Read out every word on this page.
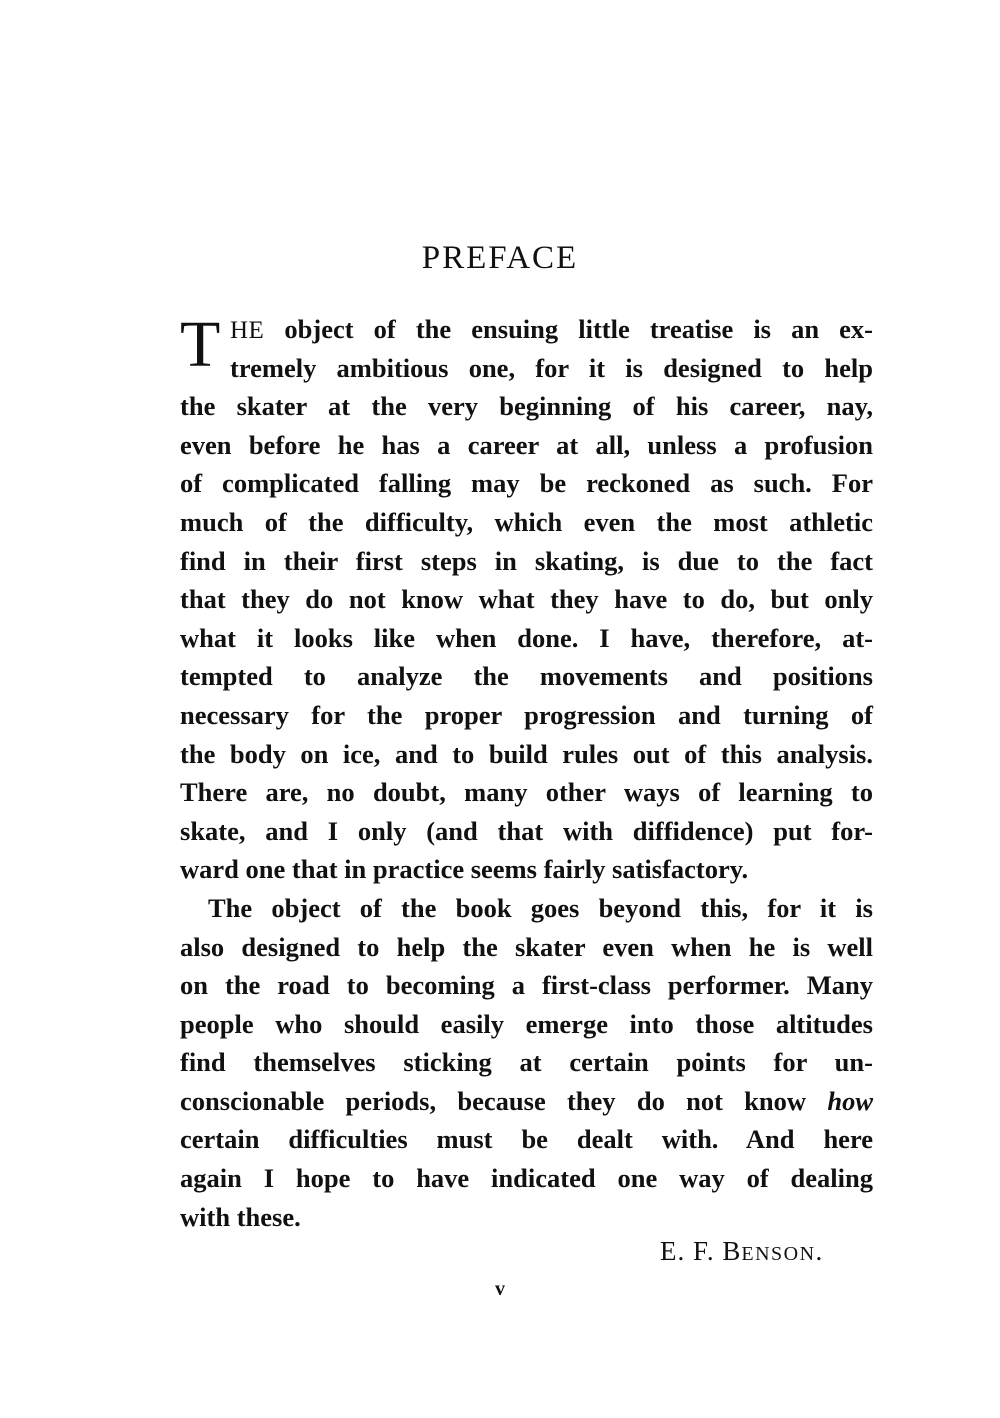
PREFACE
T HE object of the ensuing little treatise is an ex-
tremely ambitious one, for it is designed to help
the skater at the very beginning of his career, nay,
even before he has a career at all, unless a profusion
of complicated falling may be reckoned as such. For
much of the difficulty, which even the most athletic
find in their first steps in skating, is due to the fact
that they do not know what they have to do, but only
what it looks like when done. I have, therefore, at-
tempted to analyze the movements and positions
necessary for the proper progression and turning of
the body on ice, and to build rules out of this analysis.
There are, no doubt, many other ways of learning to
skate, and I only (and that with diffidence) put for-
ward one that in practice seems fairly satisfactory.
The object of the book goes beyond this, for it is
also designed to help the skater even when he is well
on the road to becoming a first-class performer. Many
people who should easily emerge into those altitudes
find themselves sticking at certain points for un-
conscionable periods, because they do not know how
certain difficulties must be dealt with. And here
again I hope to have indicated one way of dealing
with these.
E. F. BENSON.
v
